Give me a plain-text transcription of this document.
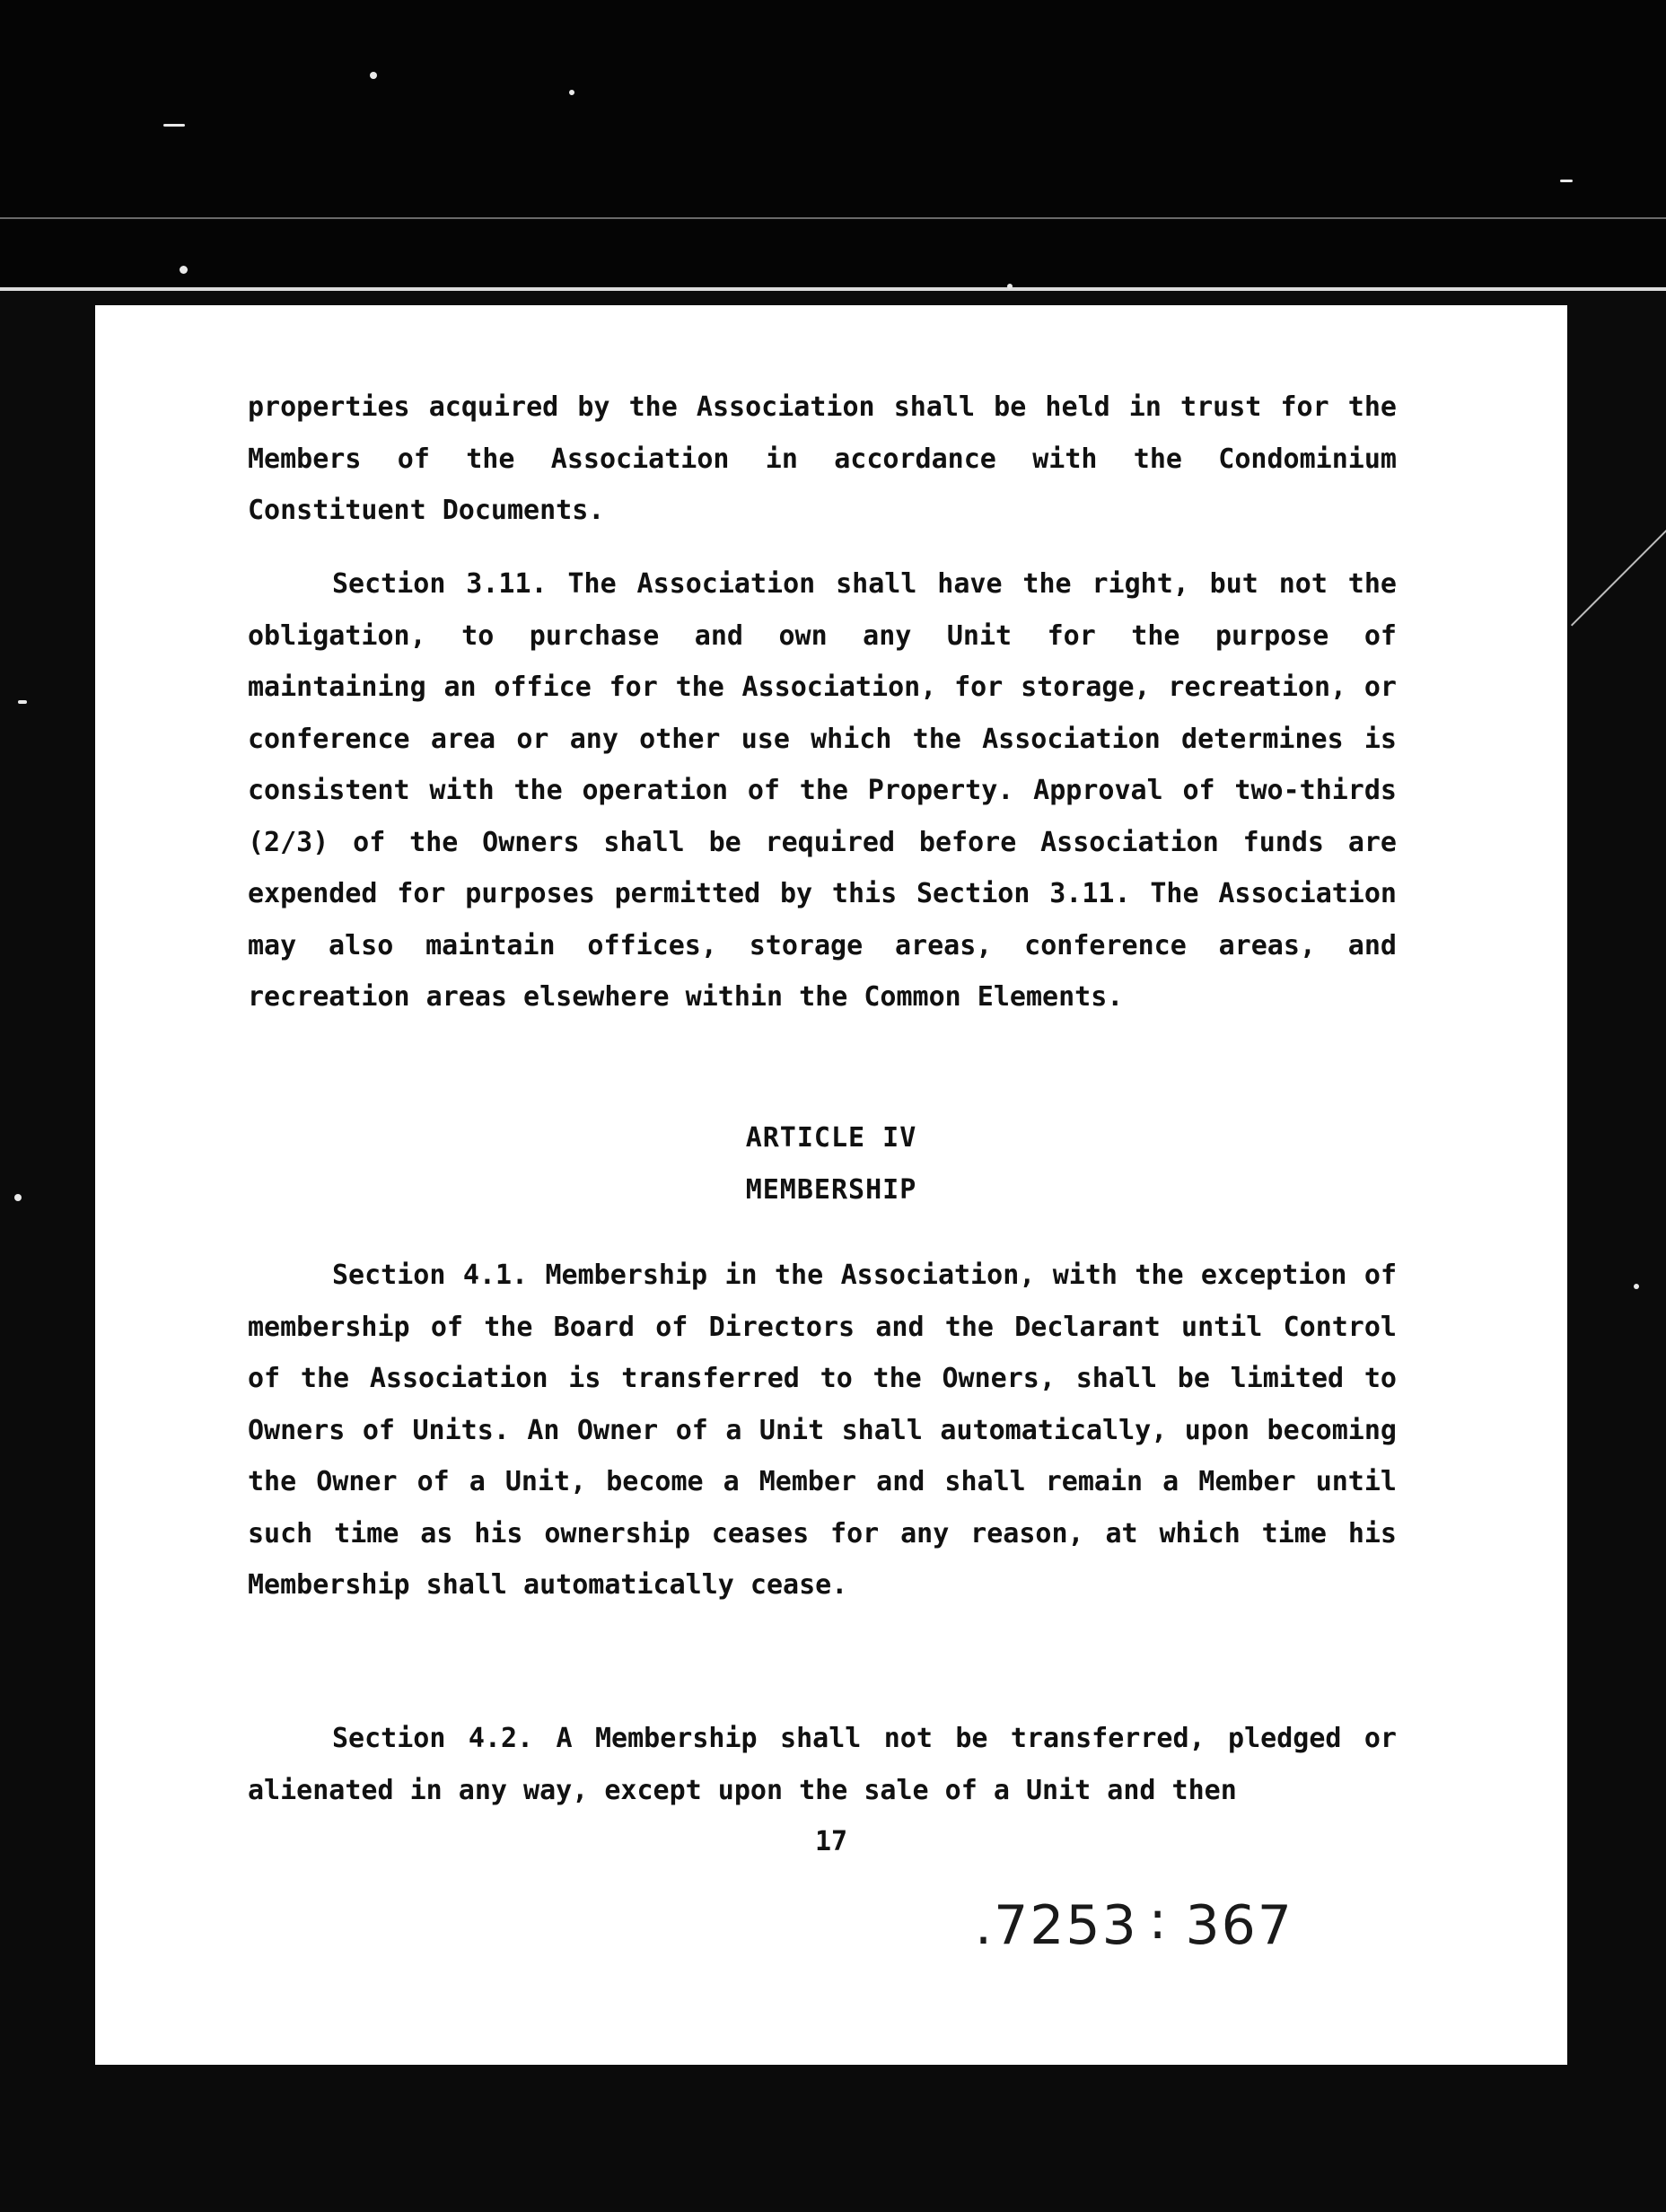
properties acquired by the Association shall be held in trust for the Members of the Association in accordance with the Condominium Constituent Documents.

Section 3.11. The Association shall have the right, but not the obligation, to purchase and own any Unit for the purpose of maintaining an office for the Association, for storage, recreation, or conference area or any other use which the Association determines is consistent with the operation of the Property. Approval of two-thirds (2/3) of the Owners shall be required before Association funds are expended for purposes permitted by this Section 3.11. The Association may also maintain offices, storage areas, conference areas, and recreation areas elsewhere within the Common Elements.

ARTICLE IV
MEMBERSHIP

Section 4.1. Membership in the Association, with the exception of membership of the Board of Directors and the Declarant until Control of the Association is transferred to the Owners, shall be limited to Owners of Units. An Owner of a Unit shall automatically, upon becoming the Owner of a Unit, become a Member and shall remain a Member until such time as his ownership ceases for any reason, at which time his Membership shall automatically cease.

Section 4.2. A Membership shall not be transferred, pledged or alienated in any way, except upon the sale of a Unit and then

17
.7253 ∶ 367
